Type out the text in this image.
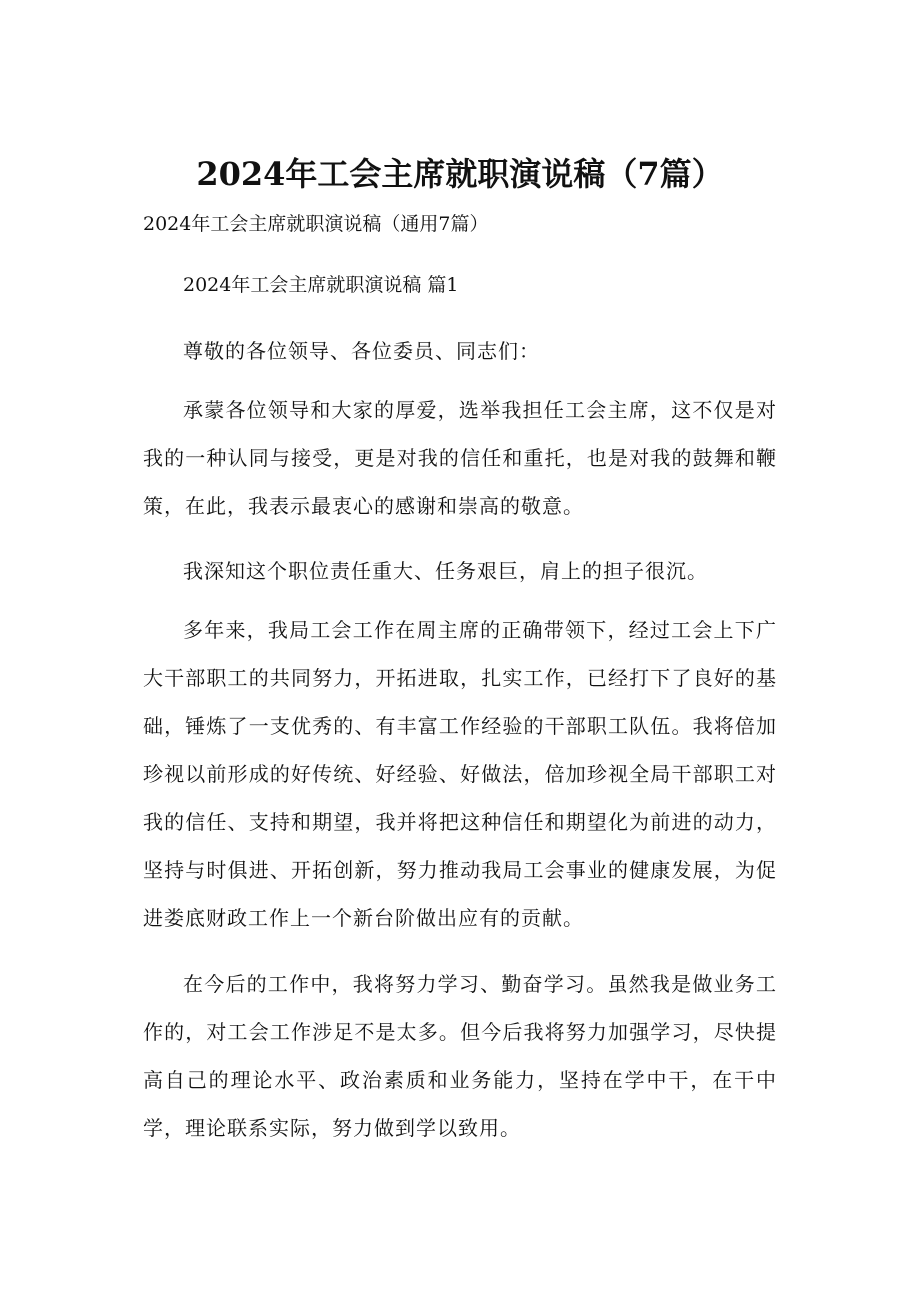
2024年工会主席就职演说稿（7篇）
2024年工会主席就职演说稿（通用7篇）
2024年工会主席就职演说稿 篇1
尊敬的各位领导、各位委员、同志们：
承蒙各位领导和大家的厚爱，选举我担任工会主席，这不仅是对我的一种认同与接受，更是对我的信任和重托，也是对我的鼓舞和鞭策，在此，我表示最衷心的感谢和崇高的敬意。
我深知这个职位责任重大、任务艰巨，肩上的担子很沉。
多年来，我局工会工作在周主席的正确带领下，经过工会上下广大干部职工的共同努力，开拓进取，扎实工作，已经打下了良好的基础，锤炼了一支优秀的、有丰富工作经验的干部职工队伍。我将倍加珍视以前形成的好传统、好经验、好做法，倍加珍视全局干部职工对我的信任、支持和期望，我并将把这种信任和期望化为前进的动力，坚持与时俱进、开拓创新，努力推动我局工会事业的健康发展，为促进娄底财政工作上一个新台阶做出应有的贡献。
在今后的工作中，我将努力学习、勤奋学习。虽然我是做业务工作的，对工会工作涉足不是太多。但今后我将努力加强学习，尽快提高自己的理论水平、政治素质和业务能力，坚持在学中干，在干中学，理论联系实际，努力做到学以致用。
